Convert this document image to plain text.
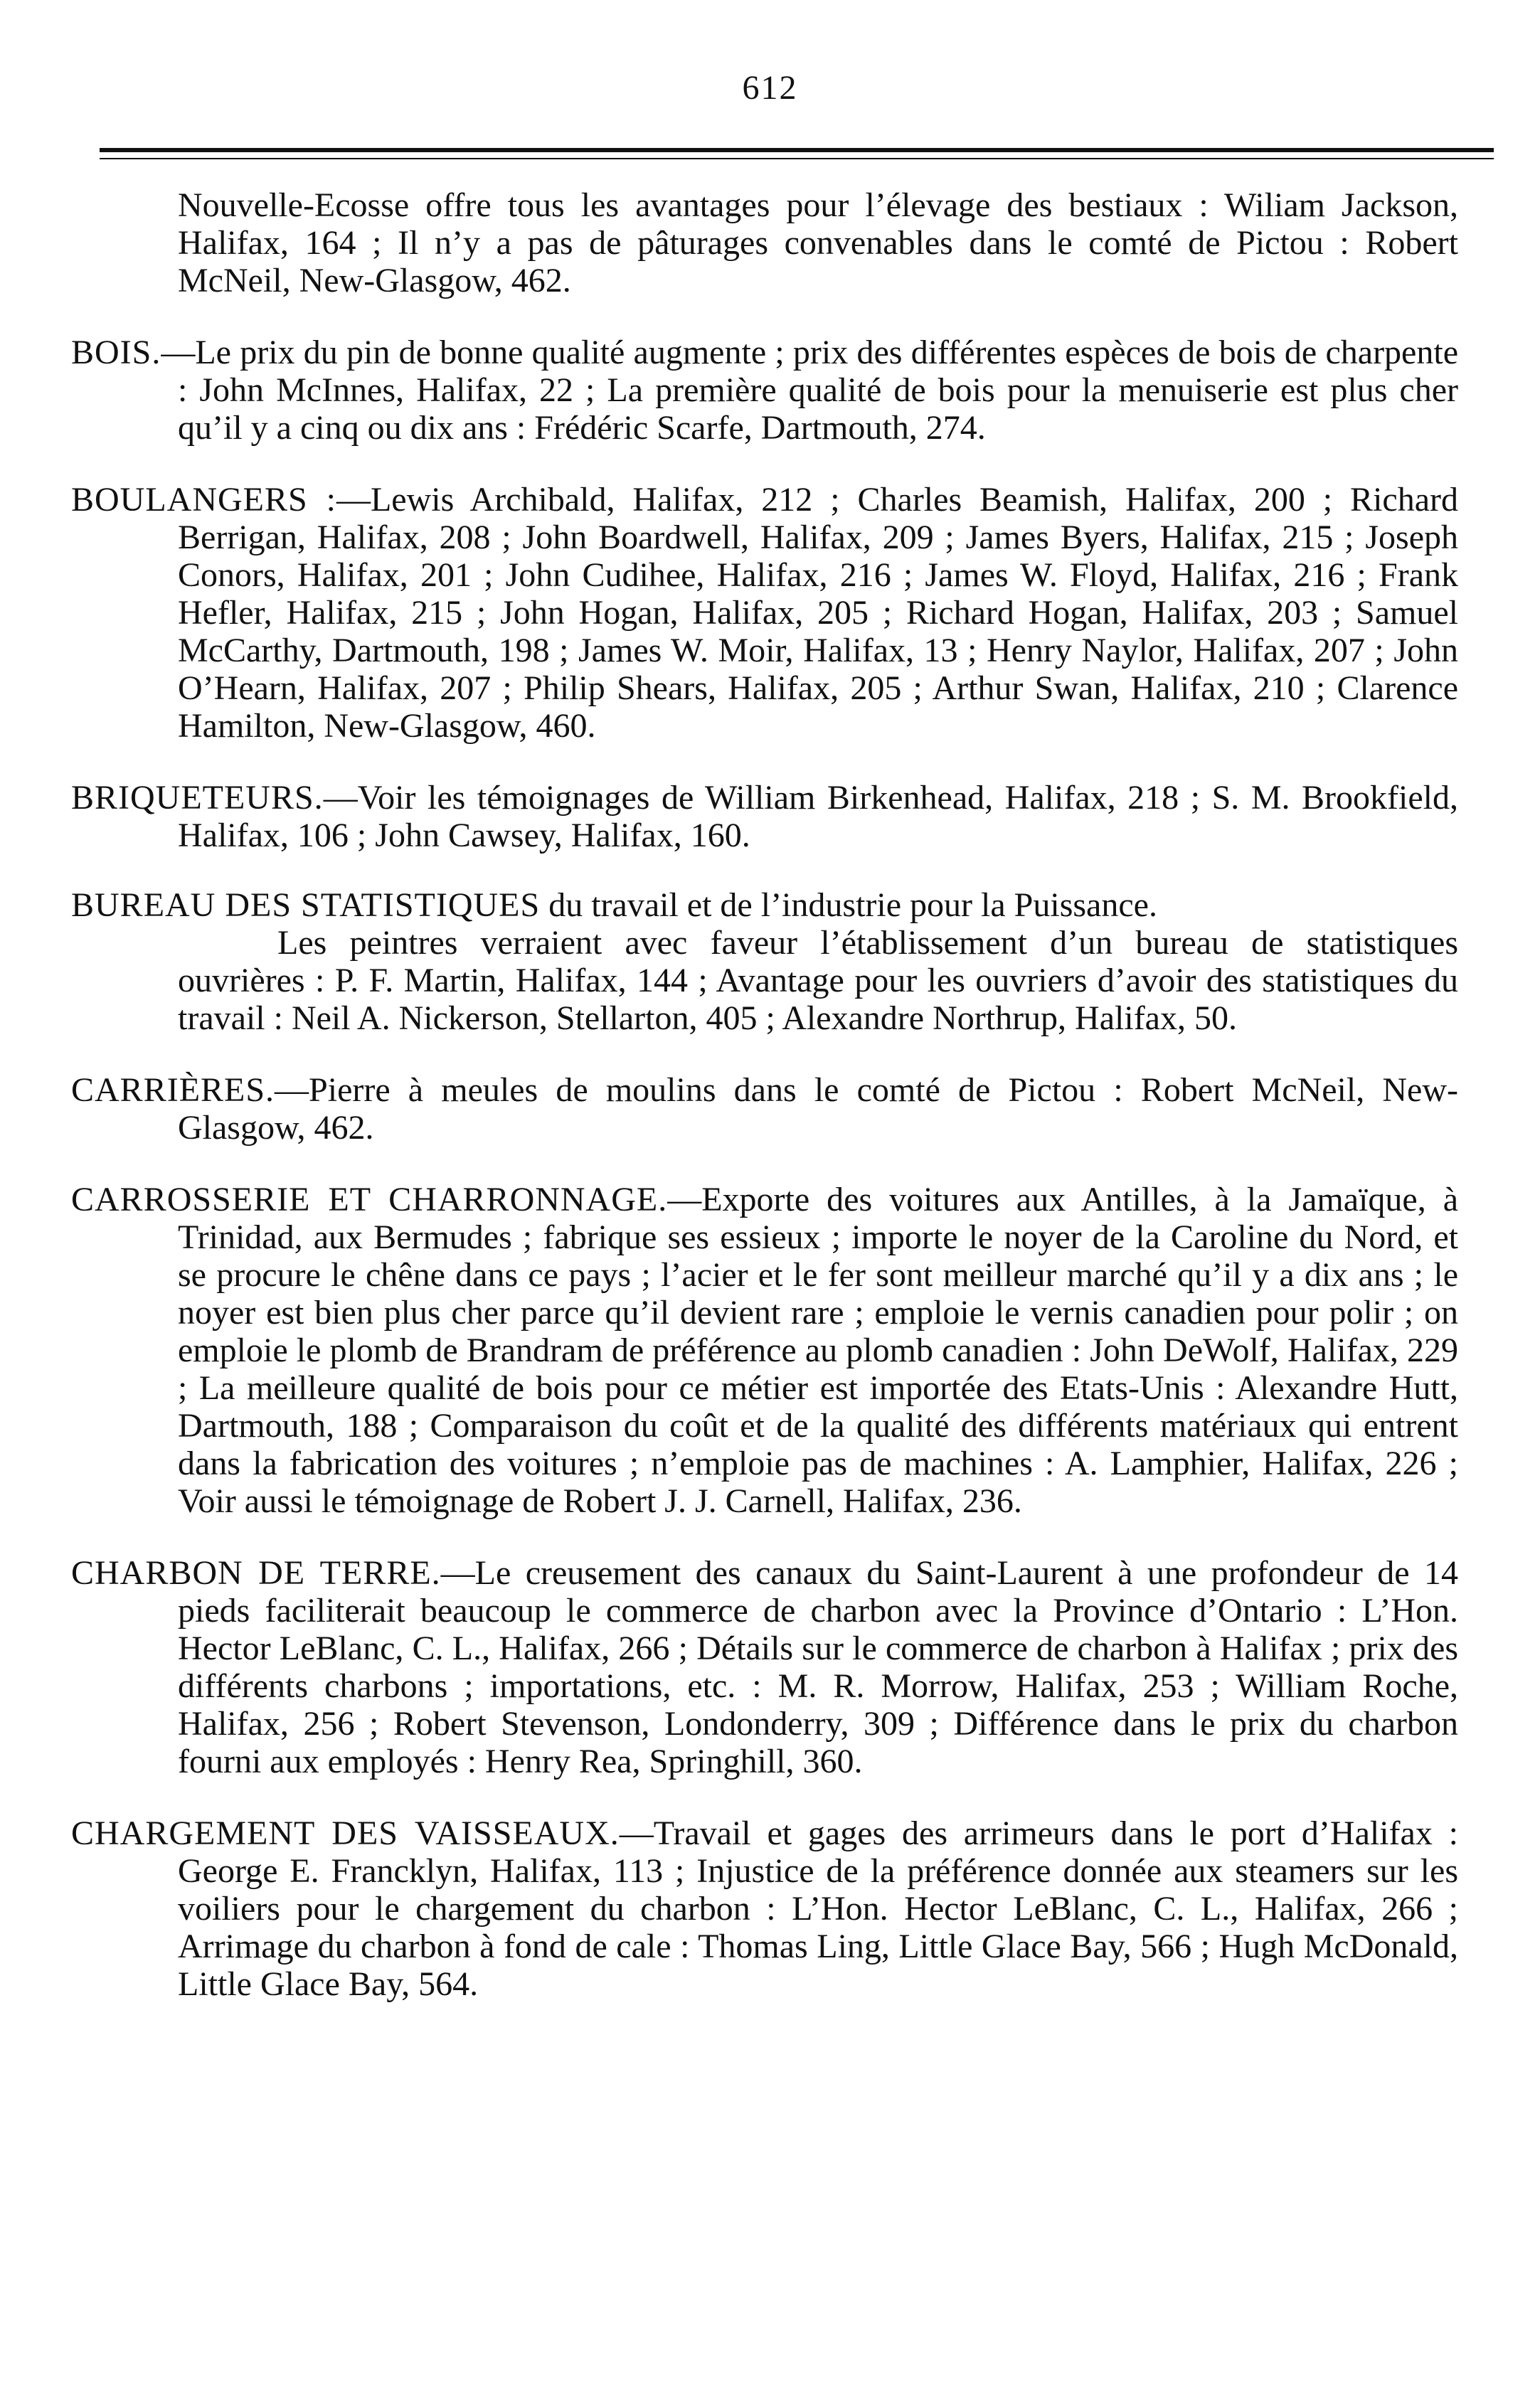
612

Nouvelle-Ecosse offre tous les avantages pour l’élevage des bestiaux : Wiliam Jackson, Halifax, 164 ; Il n’y a pas de pâturages convenables dans le comté de Pictou : Robert McNeil, New-Glasgow, 462.

BOIS.—Le prix du pin de bonne qualité augmente ; prix des différentes espèces de bois de charpente : John McInnes, Halifax, 22 ; La première qualité de bois pour la menuiserie est plus cher qu’il y a cinq ou dix ans : Frédéric Scarfe, Dartmouth, 274.

BOULANGERS :—Lewis Archibald, Halifax, 212 ; Charles Beamish, Halifax, 200 ; Richard Berrigan, Halifax, 208 ; John Boardwell, Halifax, 209 ; James Byers, Halifax, 215 ; Joseph Conors, Halifax, 201 ; John Cudihee, Halifax, 216 ; James W. Floyd, Halifax, 216 ; Frank Hefler, Halifax, 215 ; John Hogan, Halifax, 205 ; Richard Hogan, Halifax, 203 ; Samuel McCarthy, Dartmouth, 198 ; James W. Moir, Halifax, 13 ; Henry Naylor, Halifax, 207 ; John O’Hearn, Halifax, 207 ; Philip Shears, Halifax, 205 ; Arthur Swan, Halifax, 210 ; Clarence Hamilton, New-Glasgow, 460.

BRIQUETEURS.—Voir les témoignages de William Birkenhead, Halifax, 218 ; S. M. Brookfield, Halifax, 106 ; John Cawsey, Halifax, 160.

BUREAU DES STATISTIQUES du travail et de l’industrie pour la Puissance.
Les peintres verraient avec faveur l’établissement d’un bureau de statistiques ouvrières : P. F. Martin, Halifax, 144 ; Avantage pour les ouvriers d’avoir des statistiques du travail : Neil A. Nickerson, Stellarton, 405 ; Alexandre Northrup, Halifax, 50.

CARRIÈRES.—Pierre à meules de moulins dans le comté de Pictou : Robert McNeil, New-Glasgow, 462.

CARROSSERIE ET CHARRONNAGE.—Exporte des voitures aux Antilles, à la Jamaïque, à Trinidad, aux Bermudes ; fabrique ses essieux ; importe le noyer de la Caroline du Nord, et se procure le chêne dans ce pays ; l’acier et le fer sont meilleur marché qu’il y a dix ans ; le noyer est bien plus cher parce qu’il devient rare ; emploie le vernis canadien pour polir ; on emploie le plomb de Brandram de préférence au plomb canadien : John DeWolf, Halifax, 229 ; La meilleure qualité de bois pour ce métier est importée des Etats-Unis : Alexandre Hutt, Dartmouth, 188 ; Comparaison du coût et de la qualité des différents matériaux qui entrent dans la fabrication des voitures ; n’emploie pas de machines : A. Lamphier, Halifax, 226 ; Voir aussi le témoignage de Robert J. J. Carnell, Halifax, 236.

CHARBON DE TERRE.—Le creusement des canaux du Saint-Laurent à une profondeur de 14 pieds faciliterait beaucoup le commerce de charbon avec la Province d’Ontario : L’Hon. Hector LeBlanc, C. L., Halifax, 266 ; Détails sur le commerce de charbon à Halifax ; prix des différents charbons ; importations, etc. : M. R. Morrow, Halifax, 253 ; William Roche, Halifax, 256 ; Robert Stevenson, Londonderry, 309 ; Différence dans le prix du charbon fourni aux employés : Henry Rea, Springhill, 360.

CHARGEMENT DES VAISSEAUX.—Travail et gages des arrimeurs dans le port d’Halifax : George E. Francklyn, Halifax, 113 ; Injustice de la préférence donnée aux steamers sur les voiliers pour le chargement du charbon : L’Hon. Hector LeBlanc, C. L., Halifax, 266 ; Arrimage du charbon à fond de cale : Thomas Ling, Little Glace Bay, 566 ; Hugh McDonald, Little Glace Bay, 564.
